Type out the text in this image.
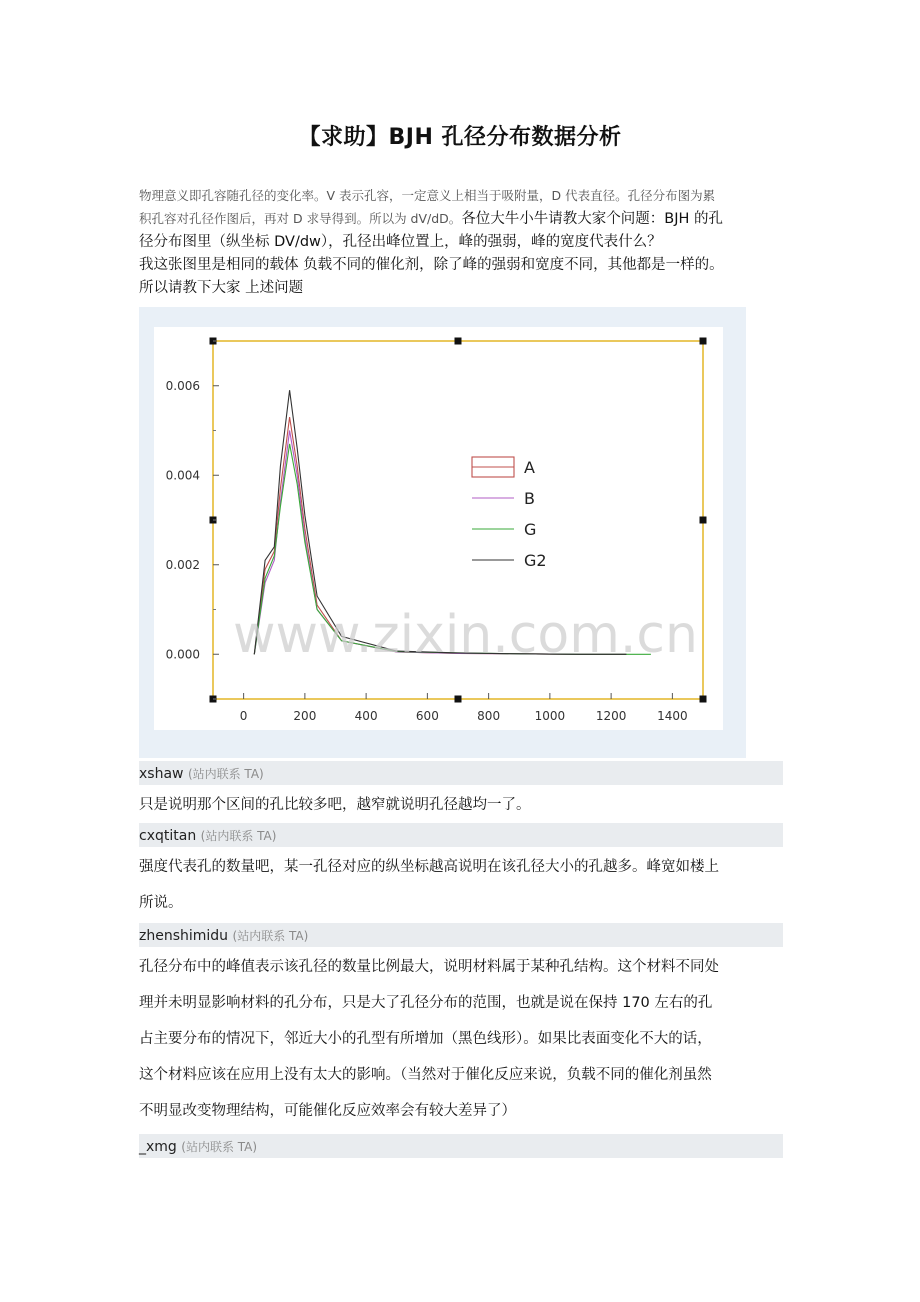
【求助】BJH 孔径分布数据分析
物理意义即孔容随孔径的变化率。V 表示孔容，一定意义上相当于吸附量，D 代表直径。孔径分布图为累
积孔容对孔径作图后，再对 D 求导得到。所以为 dV/dD。各位大牛小牛请教大家个问题：BJH 的孔
径分布图里（纵坐标 DV/dw），孔径出峰位置上，峰的强弱，峰的宽度代表什么？
我这张图里是相同的载体 负载不同的催化剂，除了峰的强弱和宽度不同，其他都是一样的。
所以请教下大家 上述问题
0.000
0.002
0.004
0.006
0	200	400	600	800	1000	1200	1400
A
B
G
G2
www.zixin.com.cn
xshaw (站内联系 TA)
只是说明那个区间的孔比较多吧，越窄就说明孔径越均一了。
cxqtitan (站内联系 TA)
强度代表孔的数量吧，某一孔径对应的纵坐标越高说明在该孔径大小的孔越多。峰宽如楼上
所说。
zhenshimidu (站内联系 TA)
孔径分布中的峰值表示该孔径的数量比例最大，说明材料属于某种孔结构。这个材料不同处
理并未明显影响材料的孔分布，只是大了孔径分布的范围，也就是说在保持 170 左右的孔
占主要分布的情况下，邻近大小的孔型有所增加（黑色线形）。如果比表面变化不大的话，
这个材料应该在应用上没有太大的影响。（当然对于催化反应来说，负载不同的催化剂虽然
不明显改变物理结构，可能催化反应效率会有较大差异了）
_xmg (站内联系 TA)
